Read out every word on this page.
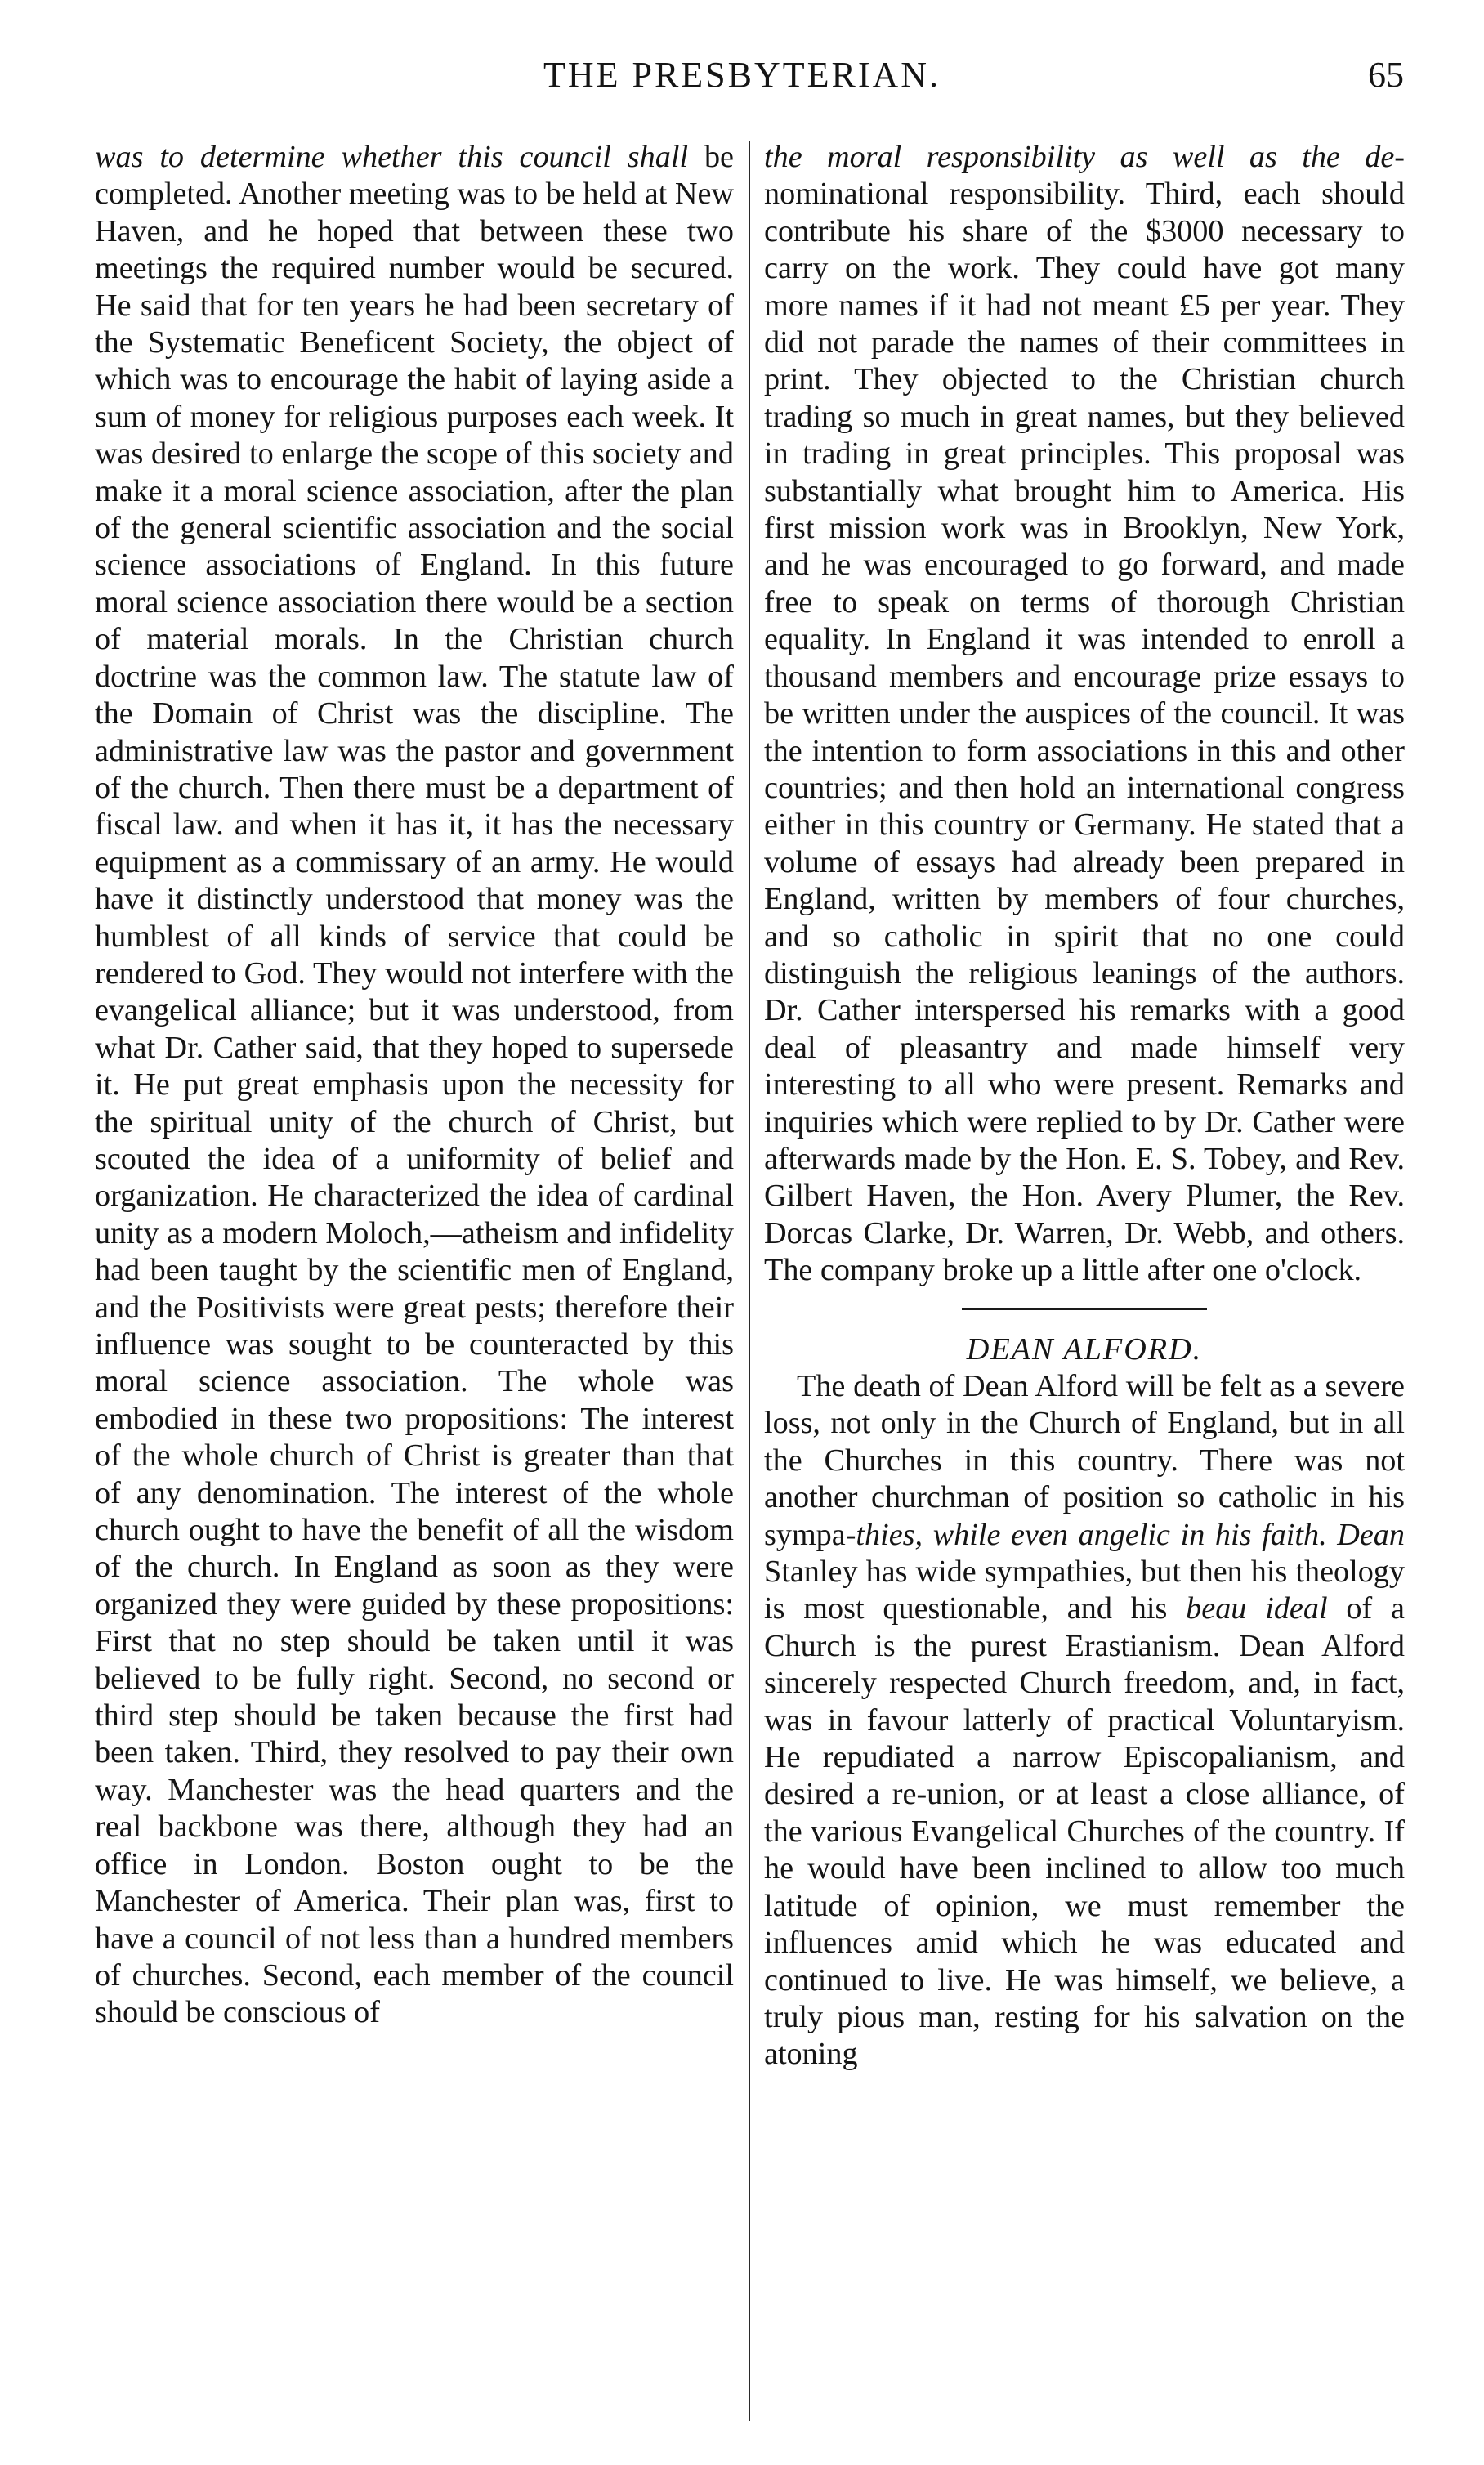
THE PRESBYTERIAN.	65

was to determine whether this council shall be completed. Another meeting was to be held at New Haven, and he hoped that between these two meetings the required number would be secured. He said that for ten years he had been secretary of the Systematic Beneficent Society, the object of which was to encourage the habit of laying aside a sum of money for religious purposes each week. It was desired to enlarge the scope of this society and make it a moral science association, after the plan of the general scientific association and the social science associations of England. In this future moral science association there would be a section of material morals. In the Christian church doctrine was the common law. The statute law of the Domain of Christ was the discipline. The administrative law was the pastor and government of the church. Then there must be a department of fiscal law. and when it has it, it has the necessary equipment as a commissary of an army. He would have it distinctly understood that money was the humblest of all kinds of service that could be rendered to God. They would not interfere with the evangelical alliance; but it was understood, from what Dr. Cather said, that they hoped to supersede it. He put great emphasis upon the necessity for the spiritual unity of the church of Christ, but scouted the idea of a uniformity of belief and organization. He characterized the idea of cardinal unity as a modern Moloch,—atheism and infidelity had been taught by the scientific men of England, and the Positivists were great pests; therefore their influence was sought to be counteracted by this moral science association. The whole was embodied in these two propositions: The interest of the whole church of Christ is greater than that of any denomination. The interest of the whole church ought to have the benefit of all the wisdom of the church. In England as soon as they were organized they were guided by these propositions: First that no step should be taken until it was believed to be fully right. Second, no second or third step should be taken because the first had been taken. Third, they resolved to pay their own way. Manchester was the head quarters and the real backbone was there, although they had an office in London. Boston ought to be the Manchester of America. Their plan was, first to have a council of not less than a hundred members of churches. Second, each member of the council should be conscious of

the moral responsibility as well as the de- nominational responsibility. Third, each should contribute his share of the $3000 necessary to carry on the work. They could have got many more names if it had not meant £5 per year. They did not parade the names of their committees in print. They objected to the Christian church trading so much in great names, but they believed in trading in great principles. This proposal was substantially what brought him to America. His first mission work was in Brooklyn, New York, and he was encouraged to go forward, and made free to speak on terms of thorough Christian equality. In England it was intended to enroll a thousand members and encourage prize essays to be written under the auspices of the council. It was the intention to form associations in this and other countries; and then hold an international congress either in this country or Germany. He stated that a volume of essays had already been prepared in England, written by members of four churches, and so catholic in spirit that no one could distinguish the religious leanings of the authors. Dr. Cather interspersed his remarks with a good deal of pleasantry and made himself very interesting to all who were present. Remarks and inquiries which were replied to by Dr. Cather were afterwards made by the Hon. E. S. Tobey, and Rev. Gilbert Haven, the Hon. Avery Plumer, the Rev. Dorcas Clarke, Dr. Warren, Dr. Webb, and others. The company broke up a little after one o'clock.

DEAN ALFORD.

The death of Dean Alford will be felt as a severe loss, not only in the Church of England, but in all the Churches in this country. There was not another churchman of position so catholic in his sympa-thies, while even angelic in his faith. Dean Stanley has wide sympathies, but then his theology is most questionable, and his beau ideal of a Church is the purest Erastianism. Dean Alford sincerely respected Church freedom, and, in fact, was in favour latterly of practical Voluntaryism. He repudiated a narrow Episcopalianism, and desired a re-union, or at least a close alliance, of the various Evangelical Churches of the country. If he would have been inclined to allow too much latitude of opinion, we must remember the influences amid which he was educated and continued to live. He was himself, we believe, a truly pious man, resting for his salvation on the atoning
